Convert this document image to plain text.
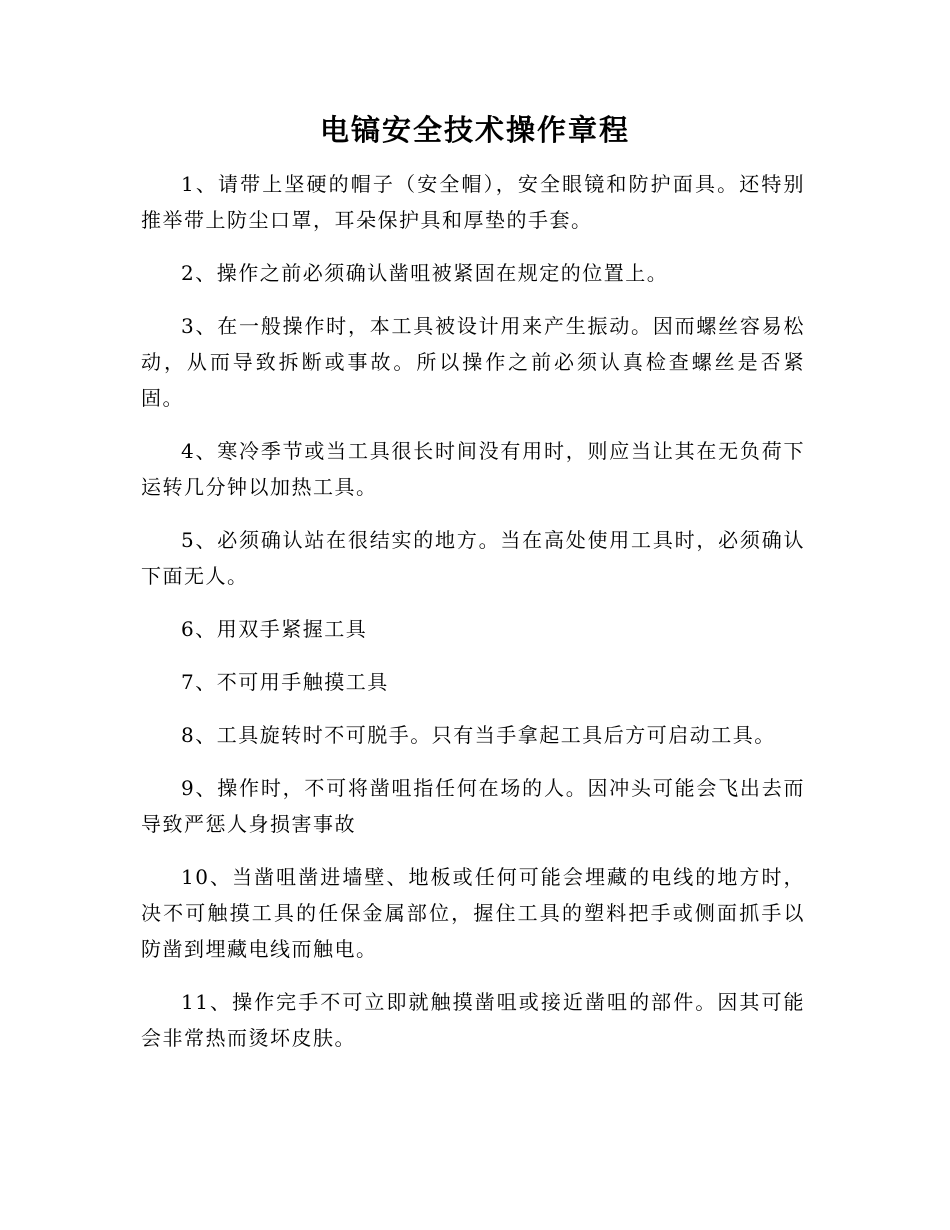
电镐安全技术操作章程

1、请带上坚硬的帽子（安全帽），安全眼镜和防护面具。还特别推举带上防尘口罩，耳朵保护具和厚垫的手套。

2、操作之前必须确认凿咀被紧固在规定的位置上。

3、在一般操作时，本工具被设计用来产生振动。因而螺丝容易松动，从而导致拆断或事故。所以操作之前必须认真检查螺丝是否紧固。

4、寒冷季节或当工具很长时间没有用时，则应当让其在无负荷下运转几分钟以加热工具。

5、必须确认站在很结实的地方。当在高处使用工具时，必须确认下面无人。

6、用双手紧握工具

7、不可用手触摸工具

8、工具旋转时不可脱手。只有当手拿起工具后方可启动工具。

9、操作时，不可将凿咀指任何在场的人。因冲头可能会飞出去而导致严惩人身损害事故

10、当凿咀凿进墙壁、地板或任何可能会埋藏的电线的地方时，决不可触摸工具的任保金属部位，握住工具的塑料把手或侧面抓手以防凿到埋藏电线而触电。

11、操作完手不可立即就触摸凿咀或接近凿咀的部件。因其可能会非常热而烫坏皮肤。
